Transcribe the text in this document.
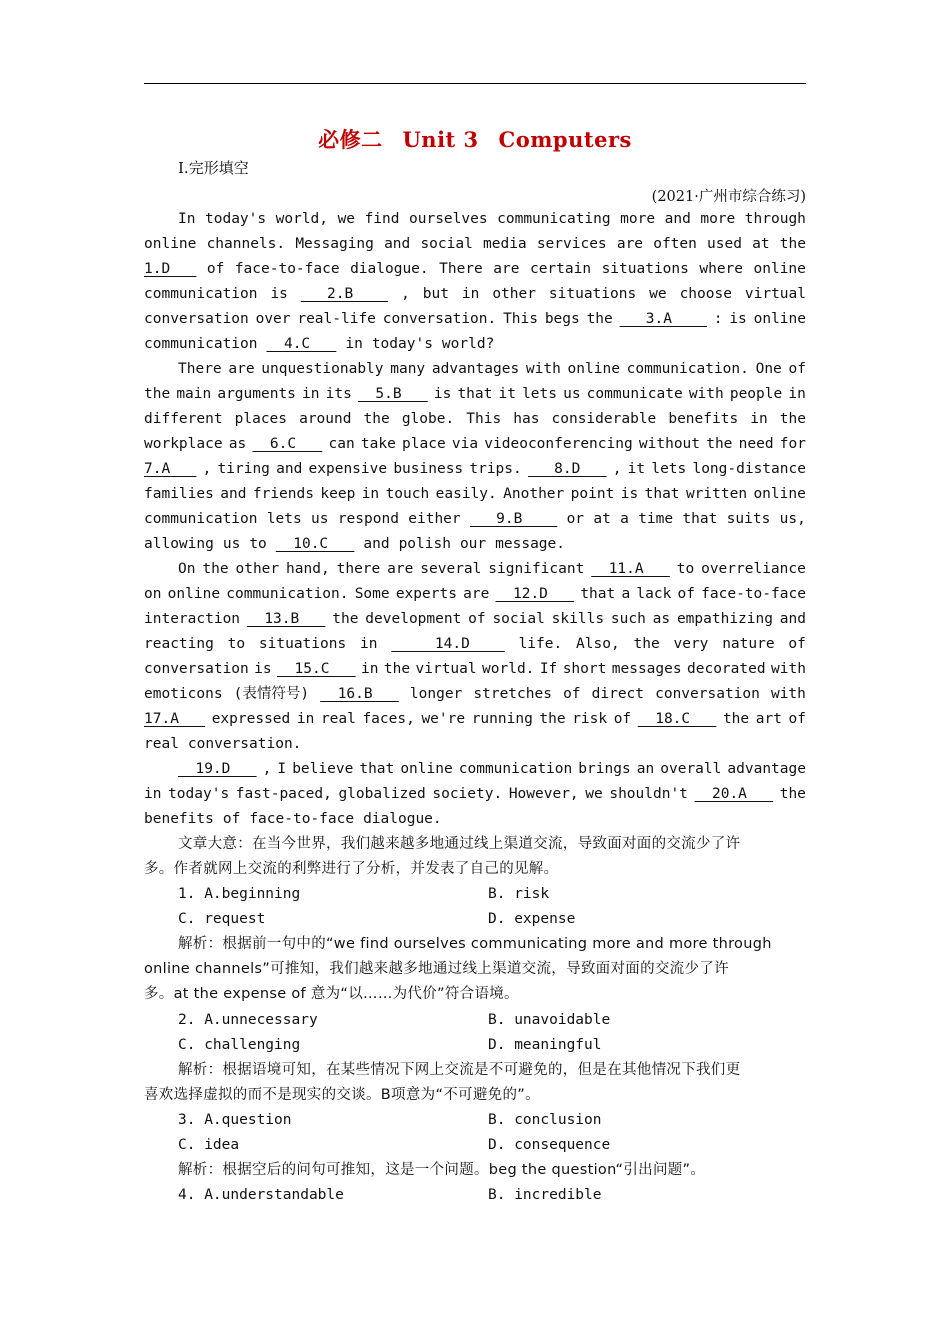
必修二 Unit 3 Computers
Ⅰ.完形填空
(2021·广州市综合练习)
In today's world, we find ourselves communicating more and more through
online channels. Messaging and social media services are often used at the
1.D of face-to-face dialogue. There are certain situations where online
communication is 2.B , but in other situations we choose virtual
conversation over real-life conversation. This begs the 3.A : is online
communication 4.C in today's world?
There are unquestionably many advantages with online communication. One of
the main arguments in its 5.B is that it lets us communicate with people in
different places around the globe. This has considerable benefits in the
workplace as 6.C can take place via videoconferencing without the need for
7.A , tiring and expensive business trips. 8.D , it lets long-distance
families and friends keep in touch easily. Another point is that written online
communication lets us respond either 9.B or at a time that suits us,
allowing us to 10.C and polish our message.
On the other hand, there are several significant 11.A to overreliance
on online communication. Some experts are 12.D that a lack of face-to-face
interaction 13.B the development of social skills such as empathizing and
reacting to situations in 14.D life. Also, the very nature of
conversation is 15.C in the virtual world. If short messages decorated with
emoticons (表情符号) 16.B longer stretches of direct conversation with
17.A expressed in real faces, we're running the risk of 18.C the art of
real conversation.
19.D , I believe that online communication brings an overall advantage
in today's fast-paced, globalized society. However, we shouldn't 20.A the
benefits of face-to-face dialogue.
文章大意：在当今世界，我们越来越多地通过线上渠道交流，导致面对面的交流少了许
多。作者就网上交流的利弊进行了分析，并发表了自己的见解。
解析：根据前一句中的“we find ourselves communicating more and more through
online channels”可推知，我们越来越多地通过线上渠道交流，导致面对面的交流少了许
多。at the expense of 意为“以……为代价”符合语境。
解析：根据语境可知，在某些情况下网上交流是不可避免的，但是在其他情况下我们更
喜欢选择虚拟的而不是现实的交谈。B项意为“不可避免的”。
解析：根据空后的问句可推知，这是一个问题。beg the question“引出问题”。
1. A.beginning	B. risk
C. request	D. expense
2. A.unnecessary	B. unavoidable
C. challenging	D. meaningful
3. A.question	B. conclusion
C. idea	D. consequence
4. A.understandable	B. incredible
